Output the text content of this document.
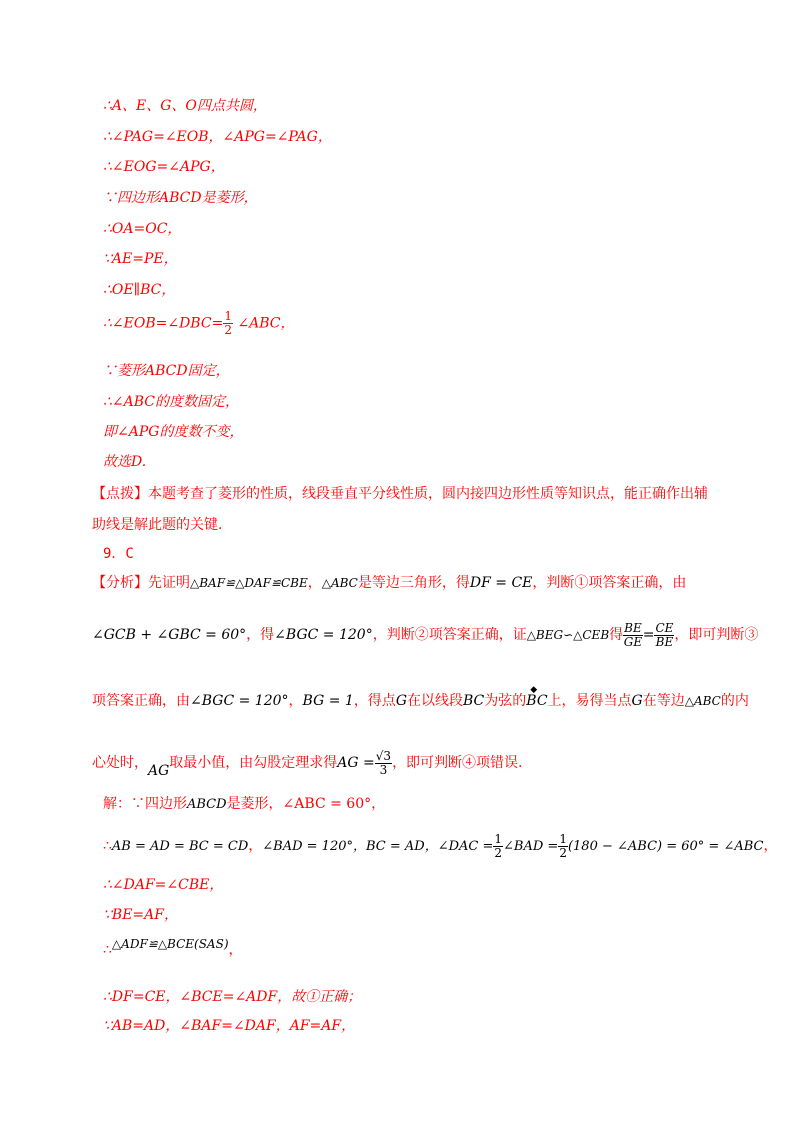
∴A、E、G、O四点共圆，
∴∠PAG=∠EOB，∠APG=∠PAG，
∴∠EOG=∠APG，
∵四边形ABCD是菱形，
∴OA=OC，
∵AE=PE，
∴OE∥BC，
∴∠EOB=∠DBC= $\frac{1}{2}$ ∠ABC，
∵菱形ABCD固定，
∴∠ABC的度数固定，
即∠APG的度数不变，
故选D.
【点拨】本题考查了菱形的性质，线段垂直平分线性质，圆内接四边形性质等知识点，能正确作出辅
助线是解此题的关键.
9．C
【分析】先证明△BAF≌△DAF≌CBE，△ABC是等边三角形，得DF = CE，判断①项答案正确，由
∠GCB + ∠GBC = 60°，得∠BGC = 120°，判断②项答案正确，证△BEG∽△CEB得 $\frac{BE}{GE} = \frac{CE}{BE}$ ，即可判断③
项答案正确，由∠BGC = 120°，BG = 1，得点G在以线段BC为弦的
◆
BC上，易得当点G在等边△ABC的内
心处时，AG取最小值，由勾股定理求得AG = $\frac{√3}{3}$ ，即可判断④项错误.
解：∵四边形ABCD是菱形，∠ABC = 60°，
∴AB = AD = BC = CD，∠BAD = 120°，BC = AD，∠DAC = $\frac{1}{2}$ ∠BAD = $\frac{1}{2} (180$ − ∠ABC) = 60° = ∠ABC，
∴∠DAF=∠CBE，
∵BE=AF，
∴△ADF≌△BCE(SAS)，
∴DF=CE，∠BCE=∠ADF，故①正确；
∵AB=AD，∠BAF=∠DAF，AF=AF，
